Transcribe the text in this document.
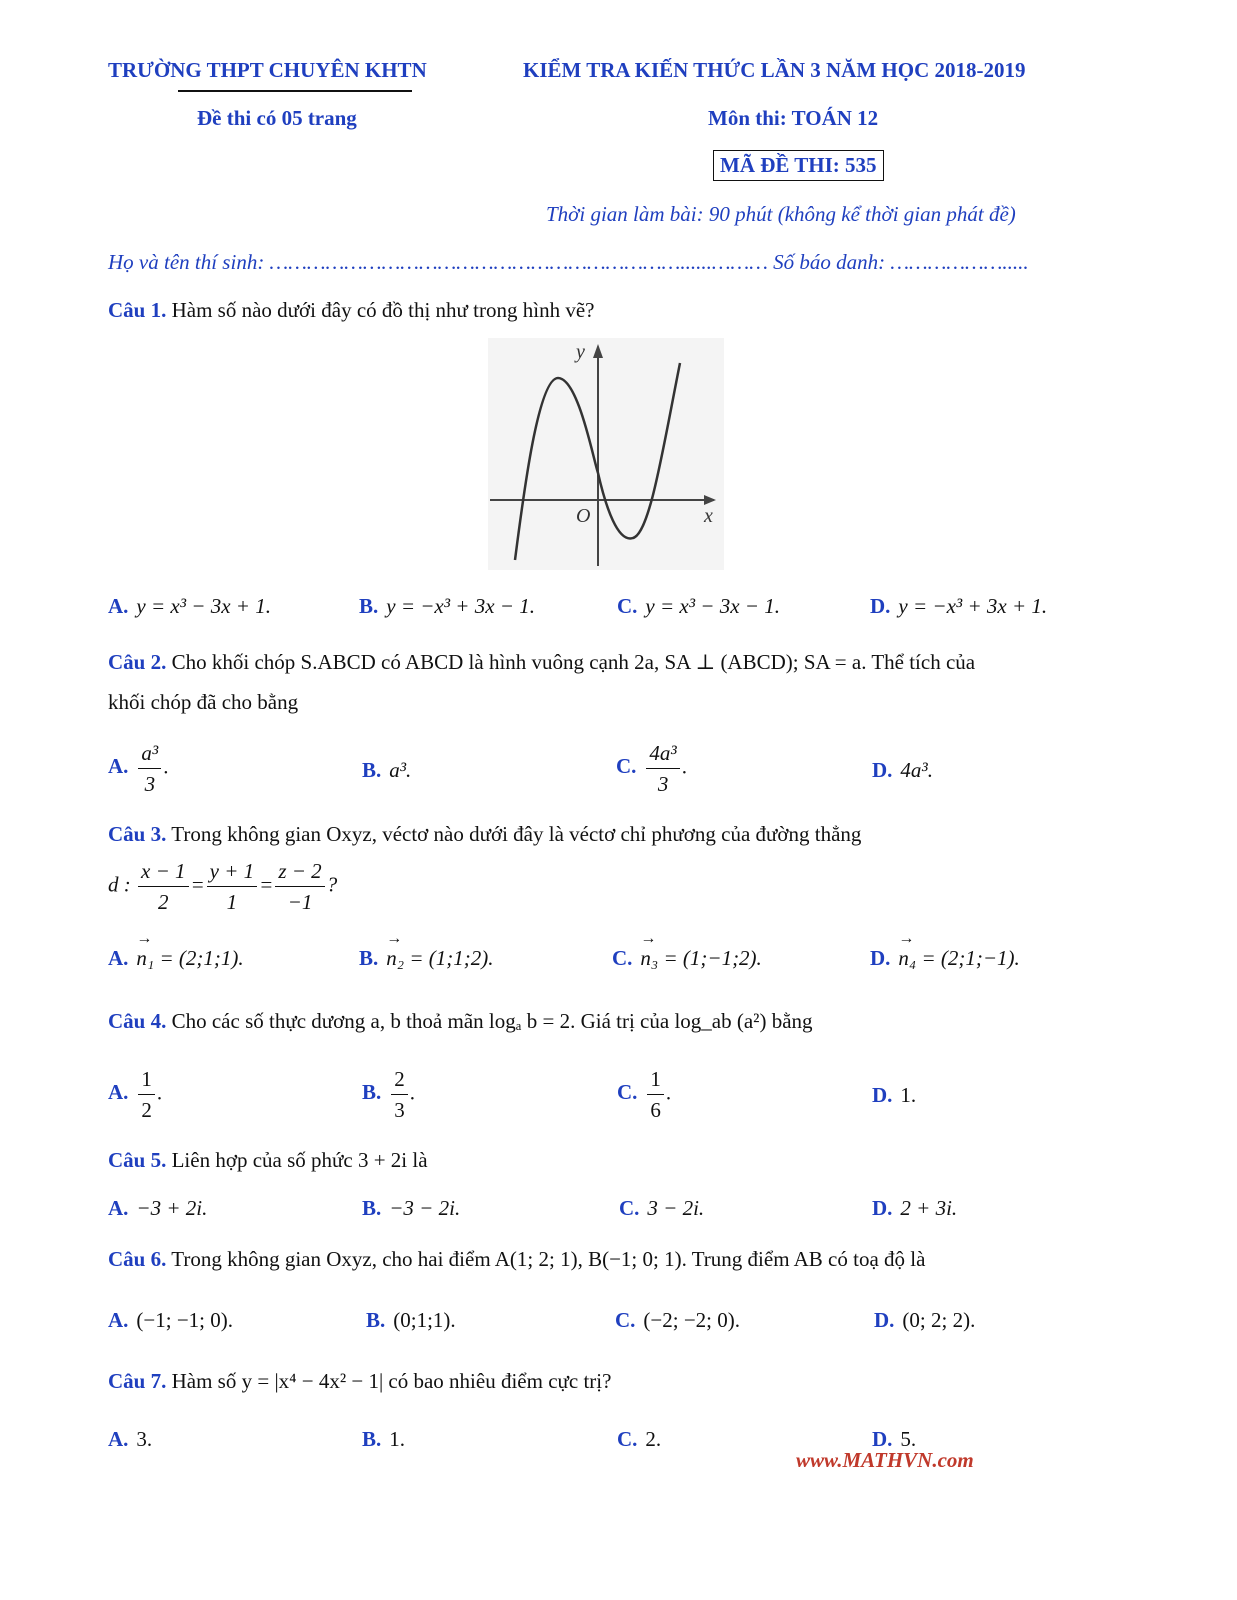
TRƯỜNG THPT CHUYÊN KHTN	KIỂM TRA KIẾN THỨC LẦN 3 NĂM HỌC 2018-2019
Đề thi có 05 trang	Môn thi: TOÁN 12
MÃ ĐỀ THI: 535
Thời gian làm bài: 90 phút (không kể thời gian phát đề)
Họ và tên thí sinh: …………………………………………………………......……… Số báo danh: ……………….....
Câu 1. Hàm số nào dưới đây có đồ thị như trong hình vẽ?
y
O	x
A. y = x³ − 3x + 1.	B. y = −x³ + 3x − 1.	C. y = x³ − 3x − 1.	D. y = −x³ + 3x + 1.
Câu 2. Cho khối chóp S.ABCD có ABCD là hình vuông cạnh 2a, SA ⊥ (ABCD); SA = a. Thể tích của
khối chóp đã cho bằng
A. $\frac{\text{a³}}{3}$ .	B. a³.	C. $\frac{\text{4a³}}{3}$ .	D. 4a³.
Câu 3. Trong không gian Oxyz, véctơ nào dưới đây là véctơ chỉ phương của đường thẳng
d : $\frac{x - 1}{2} = \frac{y + 1}{1} = \frac{z - 2}{-1}$ ?
A. → n₁ = (2;1;1).	B. → n₂ = (1;1;2).	C. → n₃ = (1;−1;2).	D. → n₄ = (2;1;−1).
Câu 4. Cho các số thực dương a, b thoả mãn logₐ b = 2. Giá trị của log_ab (a²) bằng
A. $\frac{1}{2}$ .	B. $\frac{2}{3}$ .	C. $\frac{1}{6}$ .	D. 1.
Câu 5. Liên hợp của số phức 3 + 2i là
A. −3 + 2i.	B. −3 − 2i.	C. 3 − 2i.	D. 2 + 3i.
Câu 6. Trong không gian Oxyz, cho hai điểm A(1; 2; 1), B(−1; 0; 1). Trung điểm AB có toạ độ là
A. (−1; −1; 0).	B. (0;1;1).	C. (−2; −2; 0).	D. (0; 2; 2).
Câu 7. Hàm số y = |x⁴ − 4x² − 1| có bao nhiêu điểm cực trị?
A. 3.	B. 1.	C. 2.	D. 5.
www.MATHVN.com
